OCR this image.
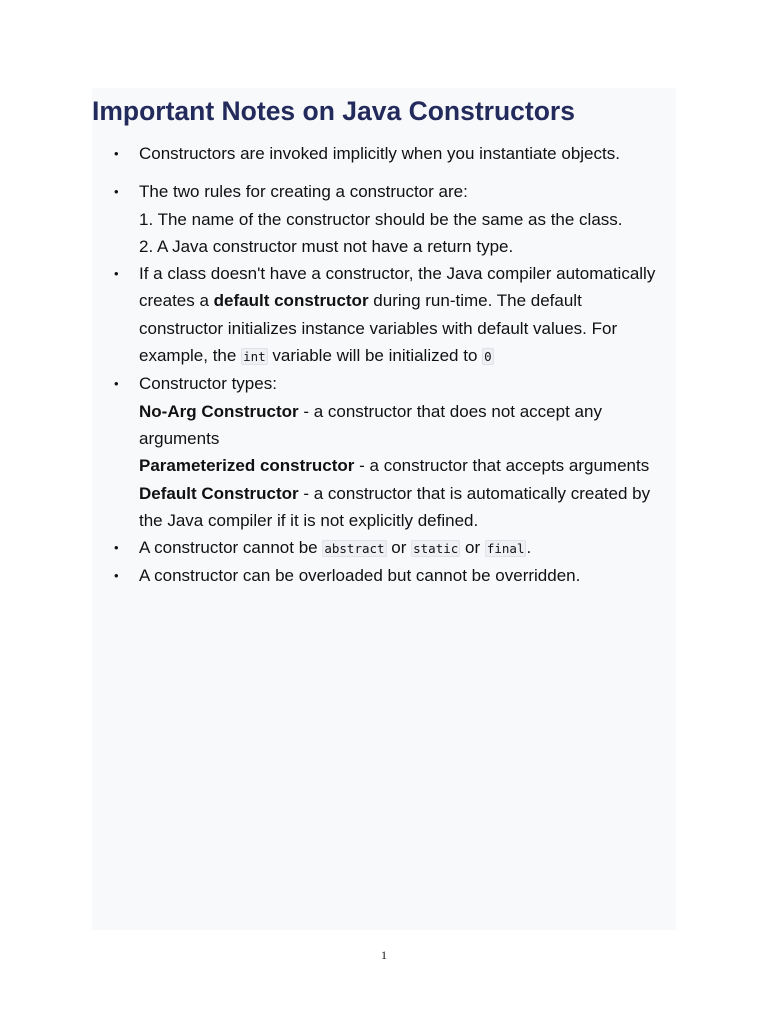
Important Notes on Java Constructors
• Constructors are invoked implicitly when you instantiate objects.
• The two rules for creating a constructor are:
1. The name of the constructor should be the same as the class.
2. A Java constructor must not have a return type.
• If a class doesn't have a constructor, the Java compiler automatically
creates a default constructor during run-time. The default
constructor initializes instance variables with default values. For
example, the int variable will be initialized to 0
• Constructor types:
No-Arg Constructor - a constructor that does not accept any
arguments
Parameterized constructor - a constructor that accepts arguments
Default Constructor - a constructor that is automatically created by
the Java compiler if it is not explicitly defined.
• A constructor cannot be abstract or static or final .
• A constructor can be overloaded but cannot be overridden.
1
